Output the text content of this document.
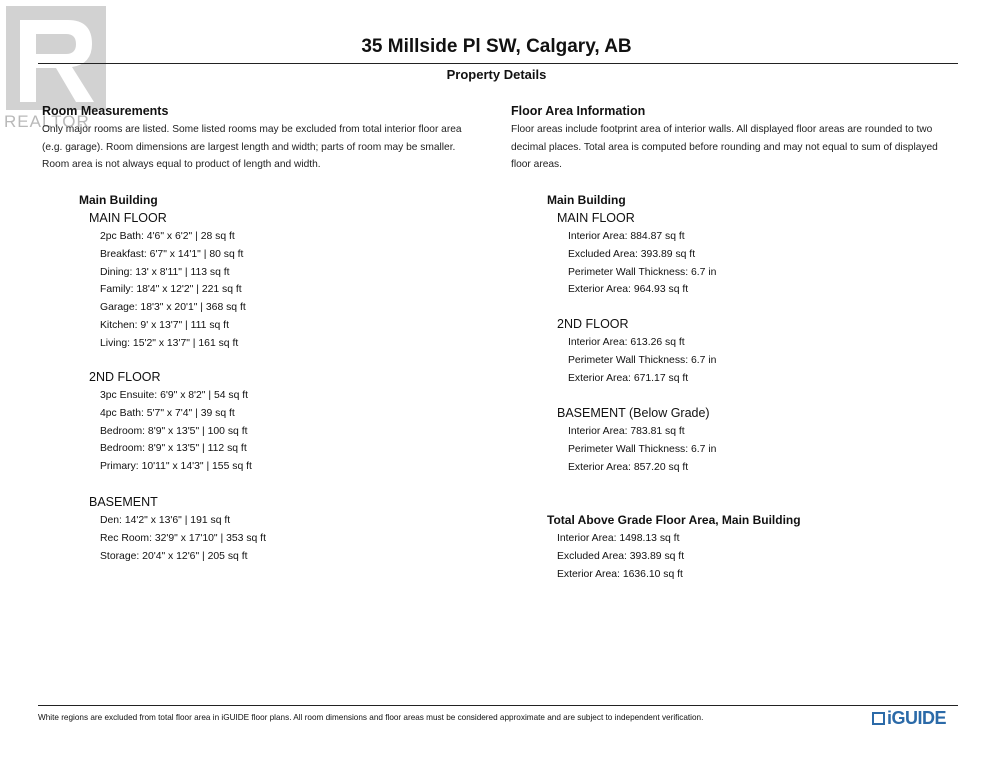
REALTOR
35 Millside Pl SW, Calgary, AB
Property Details
Room Measurements
Only major rooms are listed. Some listed rooms may be excluded from total interior floor area
(e.g. garage). Room dimensions are largest length and width; parts of room may be smaller.
Room area is not always equal to product of length and width.
Main Building
MAIN FLOOR
2pc Bath: 4'6" x 6'2" | 28 sq ft
Breakfast: 6'7" x 14'1" | 80 sq ft
Dining: 13' x 8'11" | 113 sq ft
Family: 18'4" x 12'2" | 221 sq ft
Garage: 18'3" x 20'1" | 368 sq ft
Kitchen: 9' x 13'7" | 111 sq ft
Living: 15'2" x 13'7" | 161 sq ft
2ND FLOOR
3pc Ensuite: 6'9" x 8'2" | 54 sq ft
4pc Bath: 5'7" x 7'4" | 39 sq ft
Bedroom: 8'9" x 13'5" | 100 sq ft
Bedroom: 8'9" x 13'5" | 112 sq ft
Primary: 10'11" x 14'3" | 155 sq ft
BASEMENT
Den: 14'2" x 13'6" | 191 sq ft
Rec Room: 32'9" x 17'10" | 353 sq ft
Storage: 20'4" x 12'6" | 205 sq ft
Floor Area Information
Floor areas include footprint area of interior walls. All displayed floor areas are rounded to two
decimal places. Total area is computed before rounding and may not equal to sum of displayed
floor areas.
Main Building
MAIN FLOOR
Interior Area: 884.87 sq ft
Excluded Area: 393.89 sq ft
Perimeter Wall Thickness: 6.7 in
Exterior Area: 964.93 sq ft
2ND FLOOR
Interior Area: 613.26 sq ft
Perimeter Wall Thickness: 6.7 in
Exterior Area: 671.17 sq ft
BASEMENT (Below Grade)
Interior Area: 783.81 sq ft
Perimeter Wall Thickness: 6.7 in
Exterior Area: 857.20 sq ft
Total Above Grade Floor Area, Main Building
Interior Area: 1498.13 sq ft
Excluded Area: 393.89 sq ft
Exterior Area: 1636.10 sq ft
White regions are excluded from total floor area in iGUIDE floor plans. All room dimensions and floor areas must be considered approximate and are subject to independent verification.	iGUIDE
